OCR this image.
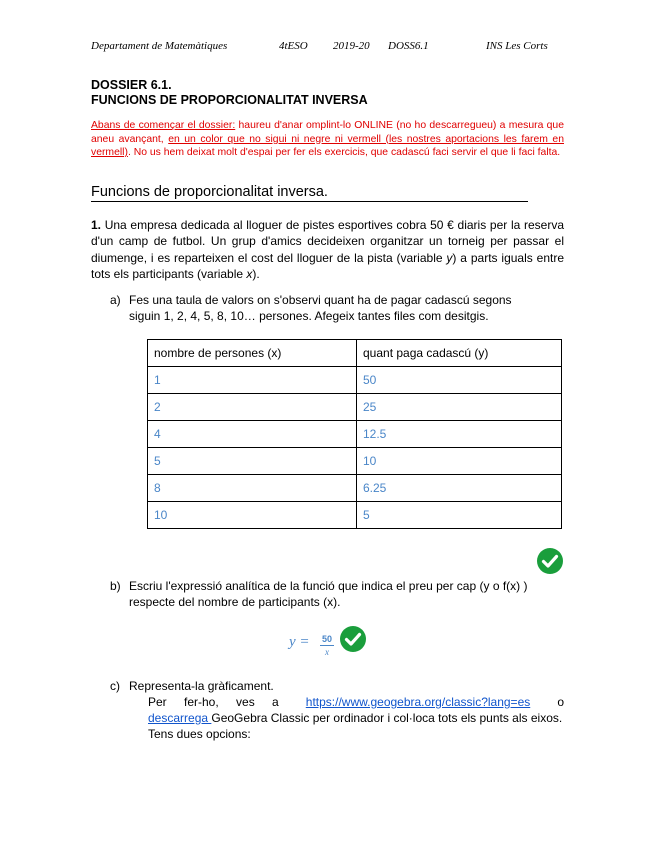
Departament de Matemàtiques	4tESO 2019-20 DOSS6.1	INS Les Corts
DOSSIER 6.1.
FUNCIONS DE PROPORCIONALITAT INVERSA
Abans de començar el dossier: haureu d'anar omplint-lo ONLINE (no ho descarregueu) a mesura que aneu avançant, en un color que no sigui ni negre ni vermell (les nostres aportacions les farem en vermell). No us hem deixat molt d'espai per fer els exercicis, que cadascú faci servir el que li faci falta.
Funcions de proporcionalitat inversa.
1. Una empresa dedicada al lloguer de pistes esportives cobra 50 € diaris per la reserva d'un camp de futbol. Un grup d'amics decideixen organitzar un torneig per passar el diumenge, i es reparteixen el cost del lloguer de la pista (variable y) a parts iguals entre tots els participants (variable x).
a) Fes una taula de valors on s'observi quant ha de pagar cadascú segons
siguin 1, 2, 4, 5, 8, 10… persones. Afegeix tantes files com desitgis.
nombre de persones (x)	quant paga cadascú (y)
1	50
2	25
4	12.5
5	10
8	6.25
10	5
b) Escriu l'expressió analítica de la funció que indica el preu per cap (y o f(x) )
respecte del nombre de participants (x).
y = 50
x
c) Representa-la gràficament.
Per fer-ho, ves a https://www.geogebra.org/classic?lang=es o
descarrega GeoGebra Classic per ordinador i col·loca tots els punts als eixos.
Tens dues opcions:
